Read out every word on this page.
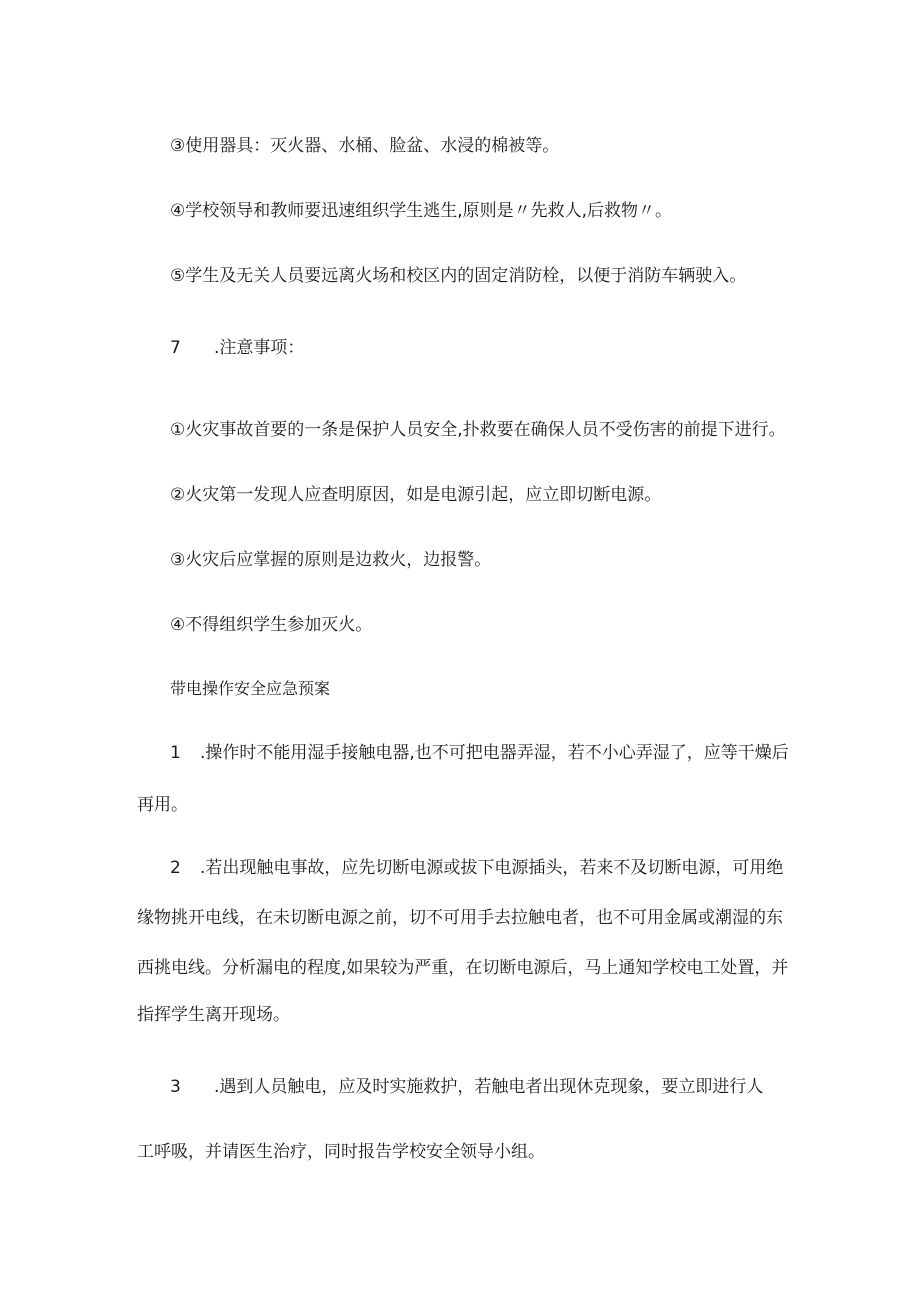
③使用器具：灭火器、水桶、脸盆、水浸的棉被等。
④学校领导和教师要迅速组织学生逃生,原则是〃先救人,后救物〃。
⑤学生及无关人员要远离火场和校区内的固定消防栓，以便于消防车辆驶入。
7 .注意事项：
①火灾事故首要的一条是保护人员安全,扑救要在确保人员不受伤害的前提下进行。
②火灾第一发现人应查明原因，如是电源引起，应立即切断电源。
③火灾后应掌握的原则是边救火，边报警。
④不得组织学生参加灭火。
带电操作安全应急预案
1 .操作时不能用湿手接触电器,也不可把电器弄湿，若不小心弄湿了，应等干燥后
再用。
2 .若出现触电事故，应先切断电源或拔下电源插头，若来不及切断电源，可用绝
缘物挑开电线，在未切断电源之前，切不可用手去拉触电者，也不可用金属或潮湿的东
西挑电线。分析漏电的程度,如果较为严重，在切断电源后，马上通知学校电工处置，并
指挥学生离开现场。
3 .遇到人员触电，应及时实施救护，若触电者出现休克现象，要立即进行人
工呼吸，并请医生治疗，同时报告学校安全领导小组。
